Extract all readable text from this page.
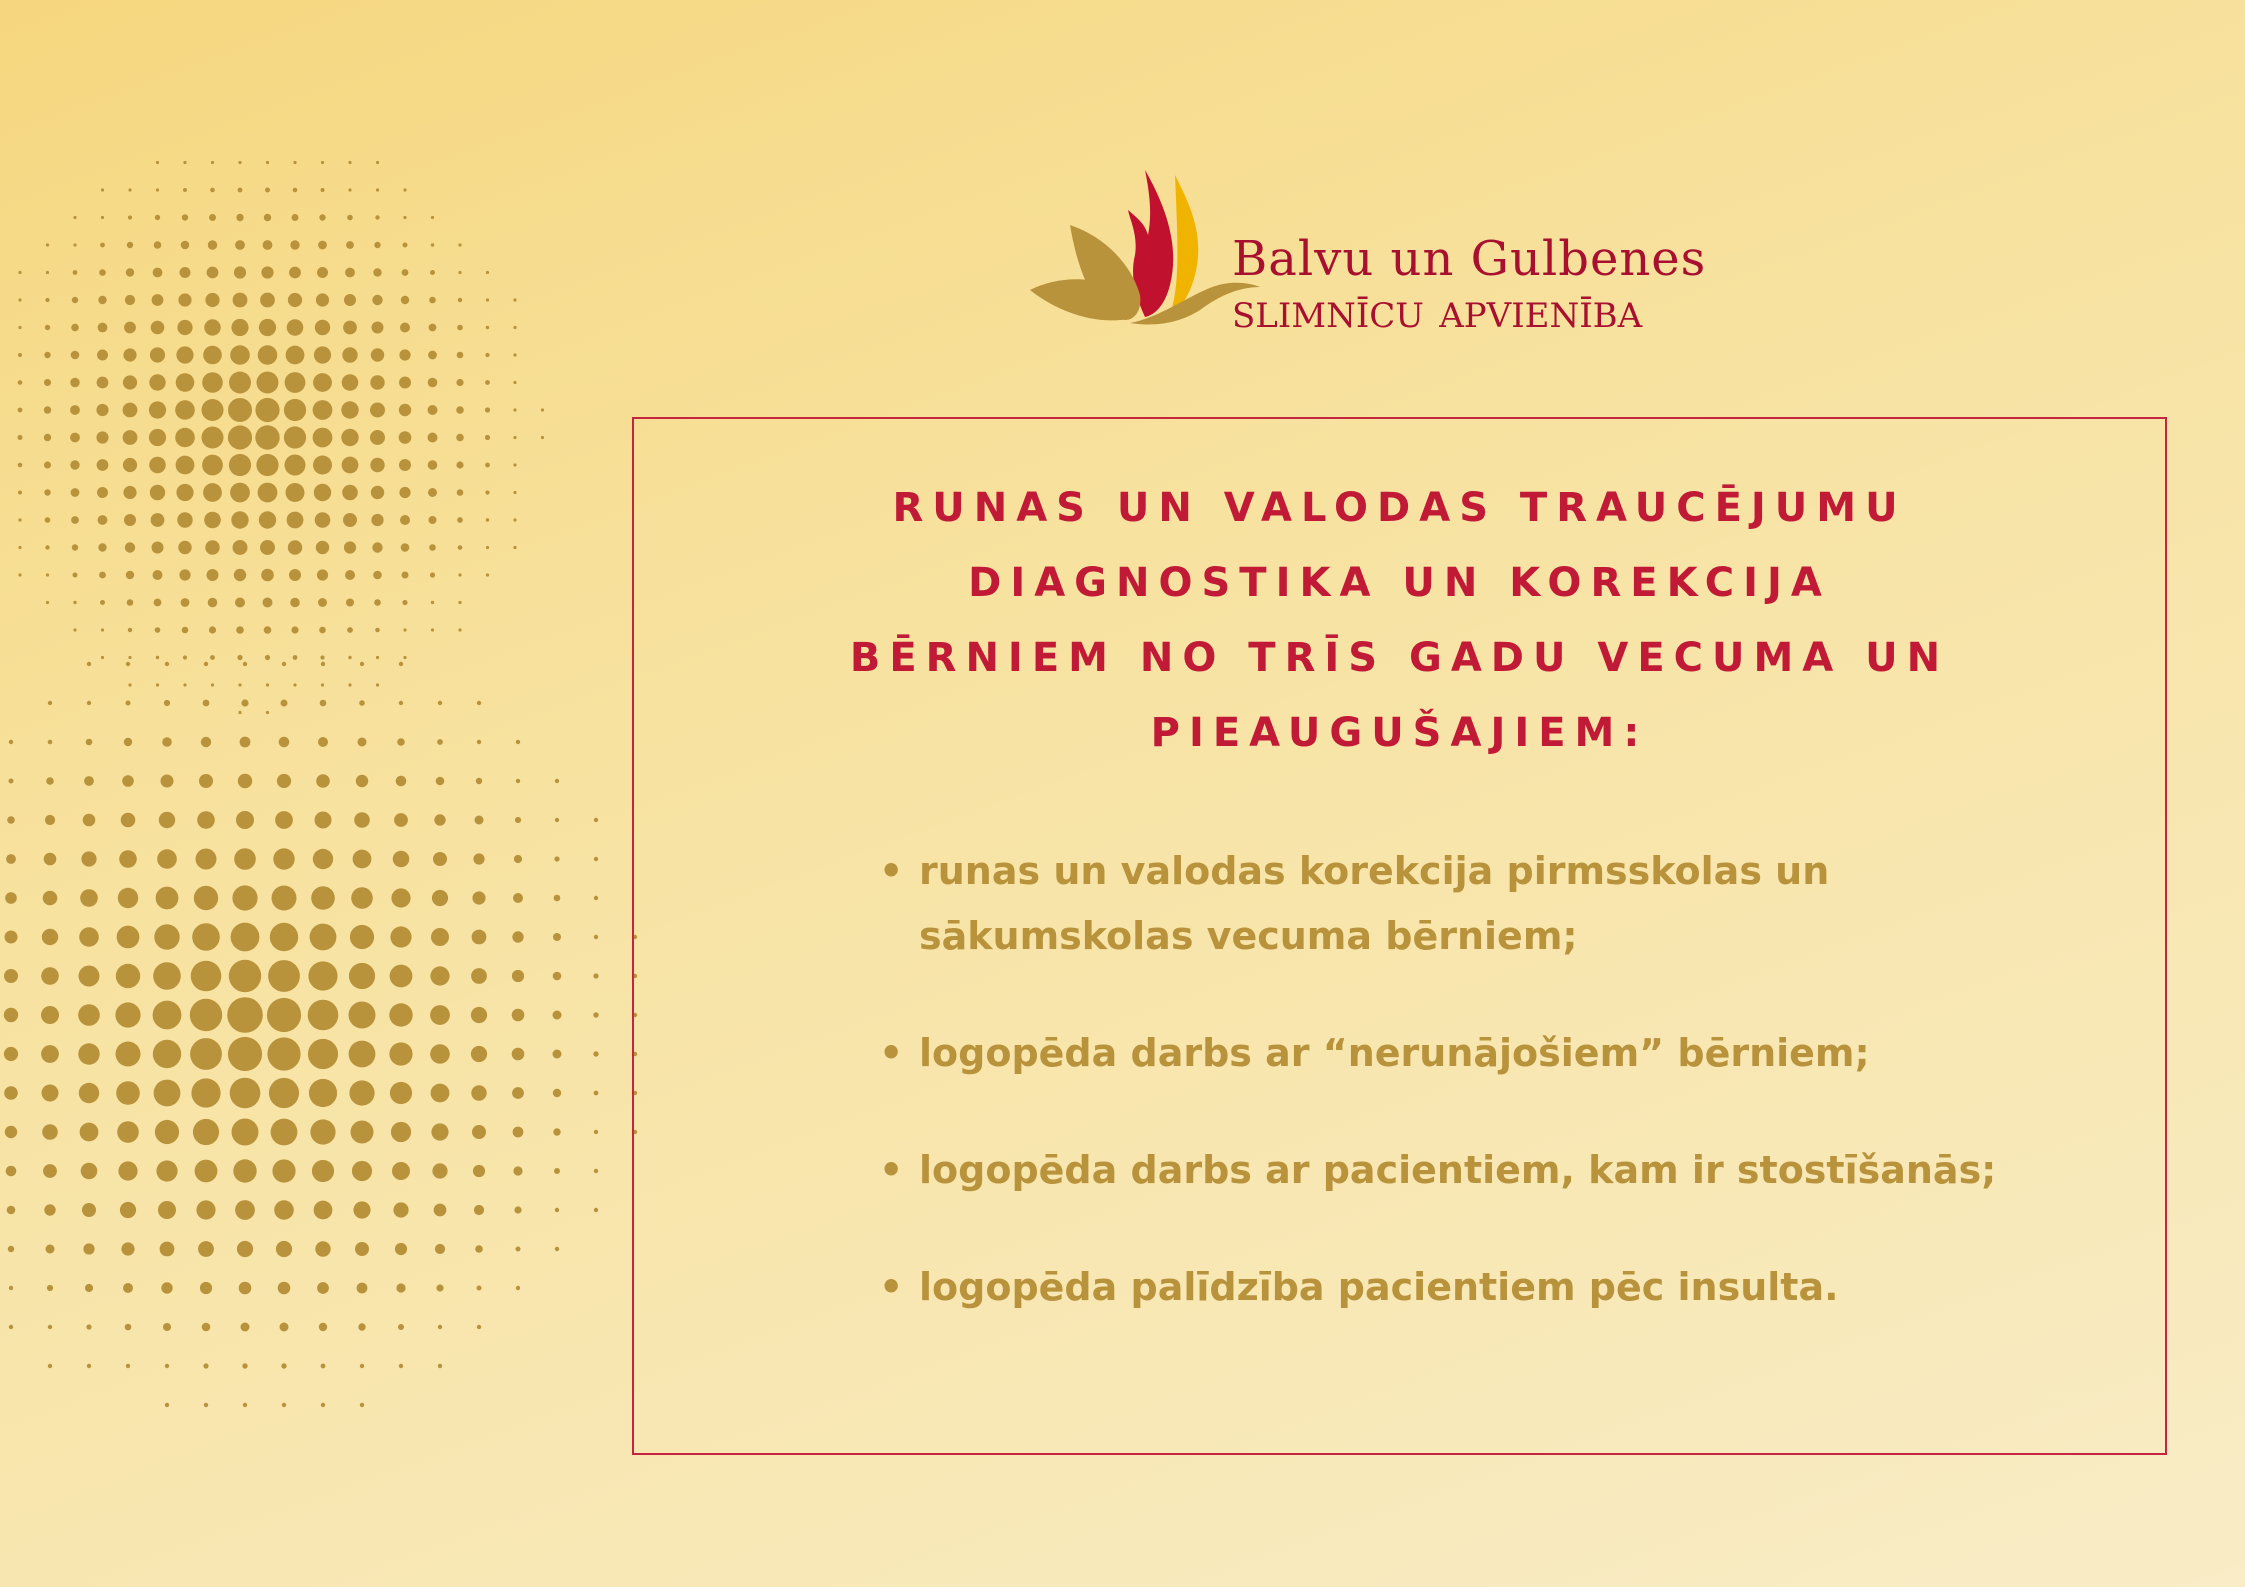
Balvu un Gulbenes
slimnīcu apvienība
RUNAS UN VALODAS TRAUCĒJUMU
DIAGNOSTIKA UN KOREKCIJA
BĒRNIEM NO TRĪS GADU VECUMA UN
PIEAUGUŠAJIEM:
• runas un valodas korekcija pirmsskolas un sākumskolas vecuma bērniem;
• logopēda darbs ar “nerunājošiem” bērniem;
• logopēda darbs ar pacientiem, kam ir stostīšanās;
• logopēda palīdzība pacientiem pēc insulta.
